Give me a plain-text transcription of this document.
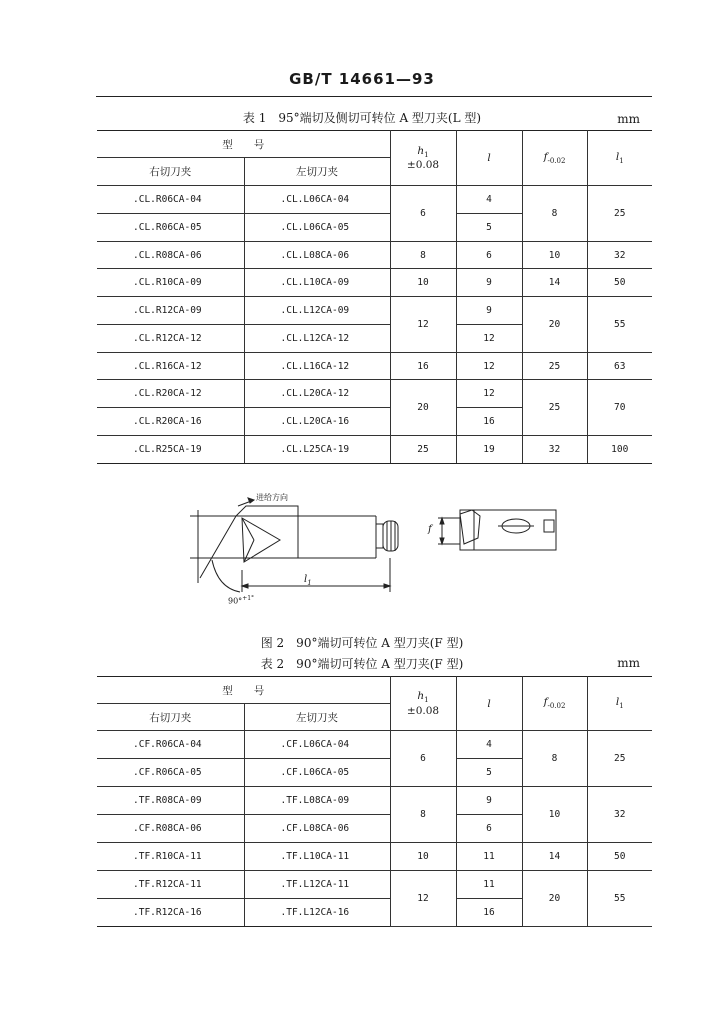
GB/T 14661—93
表 1　95°端切及侧切可转位 A 型刀夹(L 型)	mm
型　　号		$h_1$
±0.08	l	$f_{-0.02}$	$l_1$
右切刀夹	左切刀夹				
.CL.R06CA-04	.CL.L06CA-04	6	4	8	25
.CL.R06CA-05	.CL.L06CA-05		5		
.CL.R08CA-06	.CL.L08CA-06	8	6	10	32
.CL.R10CA-09	.CL.L10CA-09	10	9	14	50
.CL.R12CA-09	.CL.L12CA-09	12	9	20	55
.CL.R12CA-12	.CL.L12CA-12		12		
.CL.R16CA-12	.CL.L16CA-12	16	12	25	63
.CL.R20CA-12	.CL.L20CA-12	20	12	25	70
.CL.R20CA-16	.CL.L20CA-16		16		
.CL.R25CA-19	.CL.L25CA-19	25	19	32	100
进给方向
$l_1$
f
90°$^{+1^\circ}$
图 2　90°端切可转位 A 型刀夹(F 型)
表 2　90°端切可转位 A 型刀夹(F 型)	mm
型　　号		$h_1$
±0.08	l	$f_{-0.02}$	$l_1$
右切刀夹	左切刀夹				
.CF.R06CA-04	.CF.L06CA-04	6	4	8	25
.CF.R06CA-05	.CF.L06CA-05		5		
.TF.R08CA-09	.TF.L08CA-09	8	9	10	32
.CF.R08CA-06	.CF.L08CA-06		6		
.TF.R10CA-11	.TF.L10CA-11	10	11	14	50
.TF.R12CA-11	.TF.L12CA-11	12	11	20	55
.TF.R12CA-16	.TF.L12CA-16		16		
